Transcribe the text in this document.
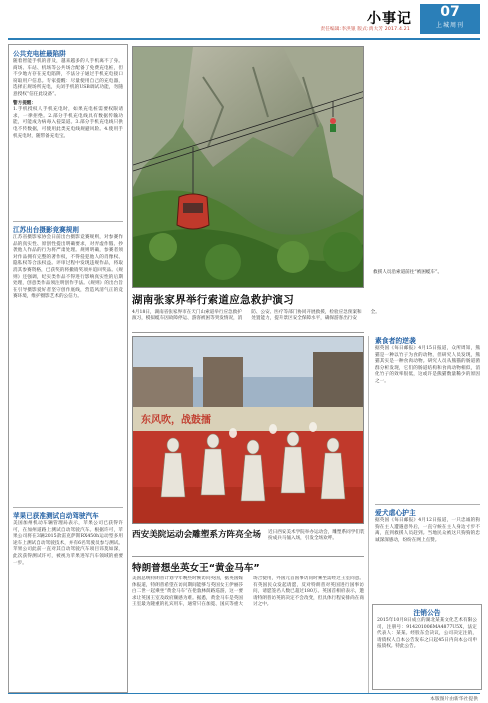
小事记
责任编辑:李洪银 版式:禹大芳 2017.4.21
07
上城周刊
公共充电桩最陷阱
随着智能手机的普及，越来越多的人手机离不了身。商场、车站、机场等公共场合配备了免费充电桩，但不少地方存在充电陷阱，不法分子通过手机充电接口窃取用户信息。专家提醒：尽量使用自己的充电器，选择正规场所充电，关闭手机的USB调试功能，勿随意授权“信任此设备”。
警方提醒：
1.手机授权人手机充电时，如果充电桩需要权限请求，一律拒绝。2.部分手机充电线具有数据传输功能，可能成为病毒入侵渠道。3.部分手机充电线只供电不传数据，可使用此类充电线规避风险。4.使用手机充电时，随带备充电宝。
江苏出台摄影竞赛规则
江苏省摄影家协会日前出台摄影竞赛规则，对参赛作品的真实性、原创性提出明确要求，对弄虚作假、抄袭他人作品的行为将严肃处理。规则明确，参赛者须对作品拥有完整的著作权，不得侵犯他人的肖像权、隐私权等合法权益。评审过程中发现违规作品，将取消其参赛资格，已获奖的将撤销奖项并追回奖品。《规则》还强调，纪实类作品不得进行影响真实性的后期处理，创意类作品须注明创作手法。《规则》的出台旨在引导摄影爱好者坚守创作底线，营造风清气正的竞赛环境，维护摄影艺术的公信力。
苹果已获准测试自动驾驶汽车
美国加州机动车辆管理局表示，苹果公司已获得许可，在加州道路上测试自动驾驶汽车。根据许可，苹果公司将在3辆2015款雷克萨斯RX450h运动型多用途车上测试自动驾驶技术，并有6名驾驶员参与测试。苹果公司此前一直对其自动驾驶汽车项目讳莫如深，此次获得测试许可，被视为苹果进军汽车领域的重要一步。
救援人员沿索道前往“被困缆车”。
湖南张家界举行索道应急救护演习
4月18日，湖南省张家界市在天门山索道举行应急救护演习，模拟缆车因故障停运、游客被困等突发情况，消防、公安、医疗等部门协同开展救援，检验应急预案和处置能力，提升景区安全保障水平，确保游客出行安全。
东风吹，战鼓擂
西安美院运动会雕塑系方阵亮全场 近日西安美术学院举办运动会，雕塑系同学们装扮成兵马俑入场，引发全场欢呼。
特朗普想坐英女王“黄金马车”
美国总统特朗普计划今年晚些时候访问英国，据英国媒体报道，特朗普希望在访问期间能够与英国女王伊丽莎白二世一起乘坐“黄金马车”在伦敦林荫路巡游，这一要求让英国王室及政府颇感为难。据悉，黄金马车是英国王室最为隆重的礼宾用车，通常只在加冕、国庆等重大场合使用，外国元首国事访问时乘坐需经过王室同意。有英国民众发起请愿，反对特朗普对英国进行国事访问，请愿签名人数已超过180万。英国首相府表示，邀请特朗普访英的决定不会改变，但具体行程安排尚在商讨之中。
素食者的逆袭
据英国《每日邮报》4月15日报道，众所周知，熊猫是一种以竹子为食的动物，但研究人员发现，熊猫其实是一种食肉动物。研究人员从熊猫的肠道菌群分析发现，它们的肠道结构和食肉动物相似，消化竹子的效率很低，这或许是熊猫数量稀少的原因之一。
爱犬虐心护主
据英国《每日邮报》4月12日报道，一只忠诚的狗狗在主人遭遇意外后，一直守候在主人身边寸步不离，直到救援人员赶到。当地民众被这只狗狗的忠诚深深感动，纷纷在网上点赞。
注销公告
2015年10月8日成立的湖北某某文化艺术有限公司，注册号：914201006MA4877U5X，法定代表人：某某。经股东会决议，公司决定注销，请债权人自本公告发布之日起45日内向本公司申报债权。特此公告。
本版图片由新华社提供
